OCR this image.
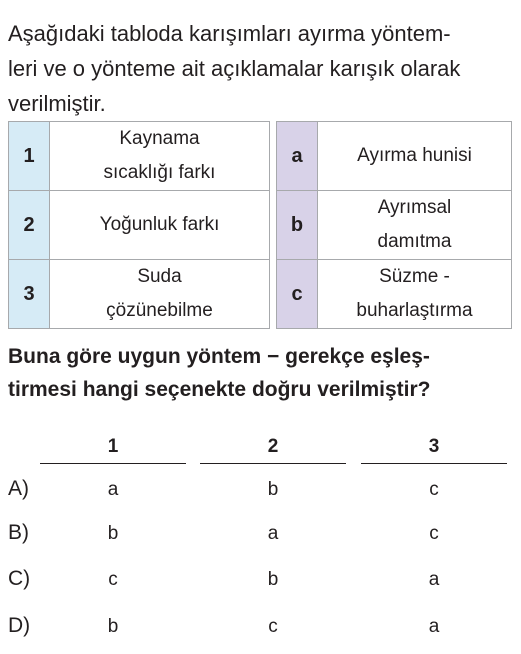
Aşağıdaki tabloda karışımları ayırma yöntem-
leri ve o yönteme ait açıklamalar karışık olarak
verilmiştir.

1	Kaynama
sıcaklığı farkı

2	Yoğunluk farkı

3	Suda
çözünebilme
a	Ayırma hunisi

b	Ayrımsal
damıtma

c	Süzme -
buharlaştırma

Buna göre uygun yöntem − gerekçe eşleş-
tirmesi hangi seçenekte doğru verilmiştir?

1	2	3
A)	a	b	c
B)	b	a	c
C)	c	b	a
D)	b	c	a
